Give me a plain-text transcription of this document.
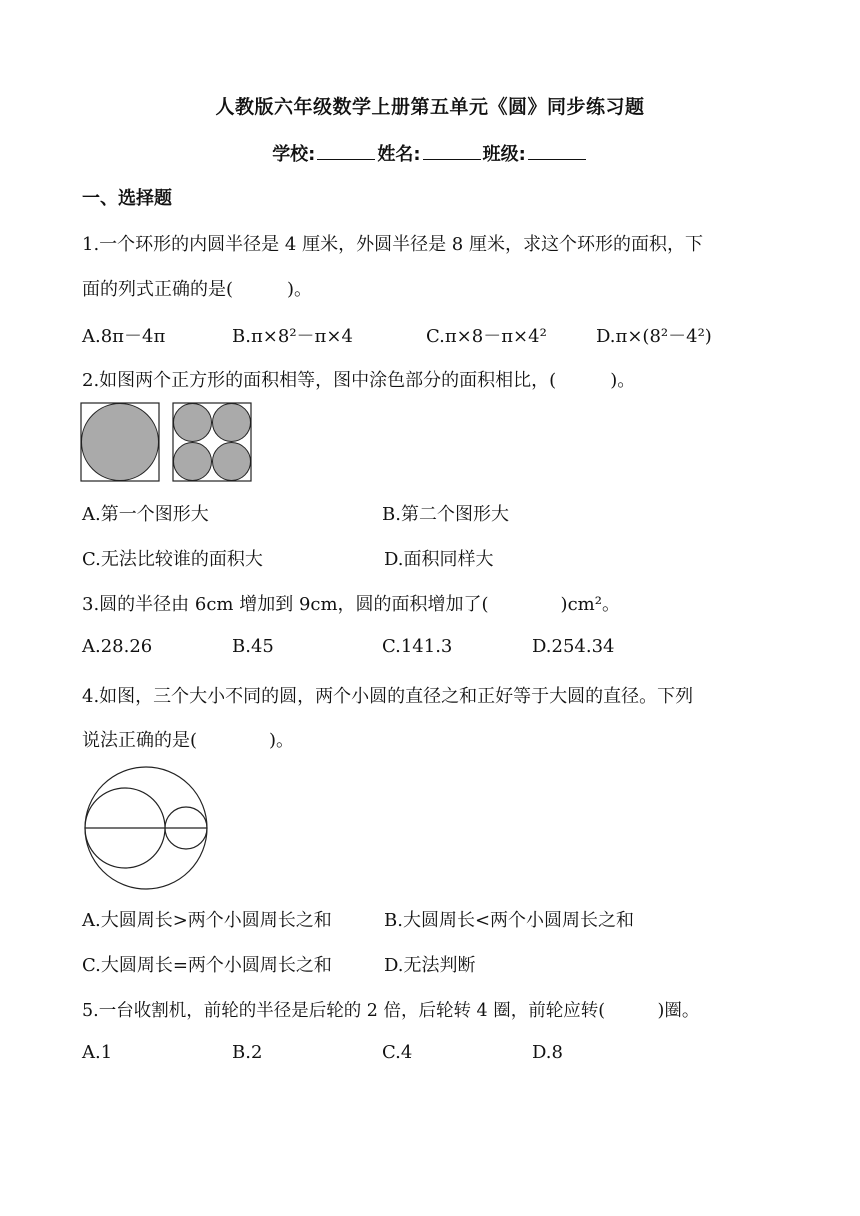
人教版六年级数学上册第五单元《圆》同步练习题
学校:	姓名:	班级:
一、选择题
1.一个环形的内圆半径是 4 厘米，外圆半径是 8 厘米，求这个环形的面积，下
面的列式正确的是(　　　)。
A.8π－4π	B.π×8²－π×4	C.π×8－π×4²	D.π×(8²－4²)
2.如图两个正方形的面积相等，图中涂色部分的面积相比，(　　　)。
A.第一个图形大	B.第二个图形大
C.无法比较谁的面积大	D.面积同样大
3.圆的半径由 6cm 增加到 9cm，圆的面积增加了(　　　　)cm²。
A.28.26	B.45	C.141.3	D.254.34
4.如图，三个大小不同的圆，两个小圆的直径之和正好等于大圆的直径。下列
说法正确的是(　　　　)。
A.大圆周长>两个小圆周长之和	B.大圆周长<两个小圆周长之和
C.大圆周长=两个小圆周长之和	D.无法判断
5.一台收割机，前轮的半径是后轮的 2 倍，后轮转 4 圈，前轮应转(　　　)圈。
A.1	B.2	C.4	D.8
